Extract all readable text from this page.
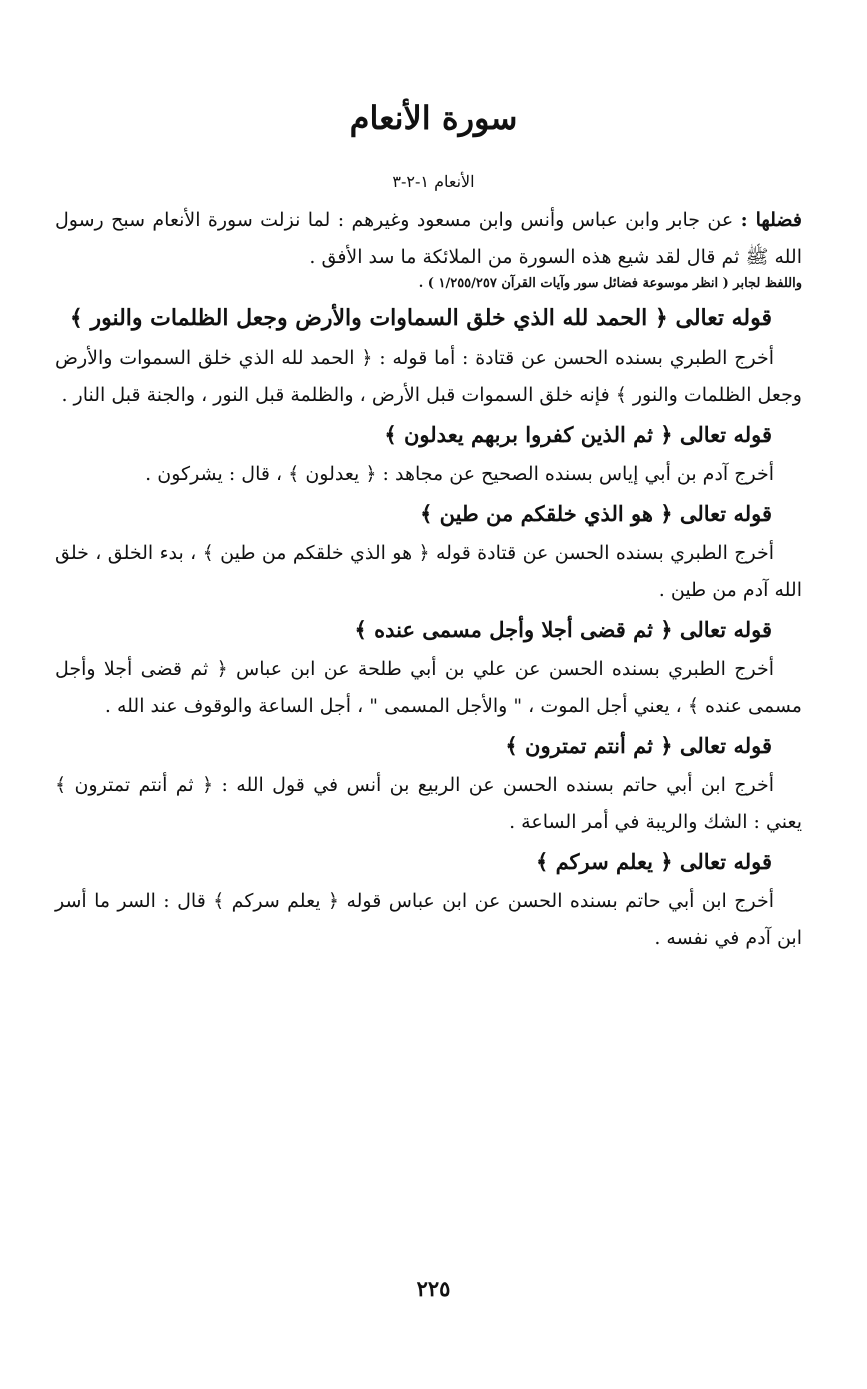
سورة الأنعام
الأنعام ١-٢-٣

فضلها : عن جابر وابن عباس وأنس وابن مسعود وغيرهم : لما نزلت سورة الأنعام سبح رسول الله ﷺ ثم قال لقد شيع هذه السورة من الملائكة ما سد الأفق .

واللفظ لجابر ( انظر موسوعة فضائل سور وآيات القرآن ١/٢٥٥/٢٥٧ ) .

قوله تعالى ﴿ الحمد لله الذي خلق السماوات والأرض وجعل الظلمات والنور ﴾

أخرج الطبري بسنده الحسن عن قتادة : أما قوله : ﴿ الحمد لله الذي خلق السموات والأرض وجعل الظلمات والنور ﴾ فإنه خلق السموات قبل الأرض ، والظلمة قبل النور ، والجنة قبل النار .

قوله تعالى ﴿ ثم الذين كفروا بربهم يعدلون ﴾

أخرج آدم بن أبي إياس بسنده الصحيح عن مجاهد : ﴿ يعدلون ﴾ ، قال : يشركون .

قوله تعالى ﴿ هو الذي خلقكم من طين ﴾

أخرج الطبري بسنده الحسن عن قتادة قوله ﴿ هو الذي خلقكم من طين ﴾ ، بدء الخلق ، خلق الله آدم من طين .

قوله تعالى ﴿ ثم قضى أجلا وأجل مسمى عنده ﴾

أخرج الطبري بسنده الحسن عن علي بن أبي طلحة عن ابن عباس ﴿ ثم قضى أجلا وأجل مسمى عنده ﴾ ، يعني أجل الموت ، " والأجل المسمى " ، أجل الساعة والوقوف عند الله .

قوله تعالى ﴿ ثم أنتم تمترون ﴾

أخرج ابن أبي حاتم بسنده الحسن عن الربيع بن أنس في قول الله : ﴿ ثم أنتم تمترون ﴾ يعني : الشك والريبة في أمر الساعة .

قوله تعالى ﴿ يعلم سركم ﴾

أخرج ابن أبي حاتم بسنده الحسن عن ابن عباس قوله ﴿ يعلم سركم ﴾ قال : السر ما أسر ابن آدم في نفسه .

٢٢٥
